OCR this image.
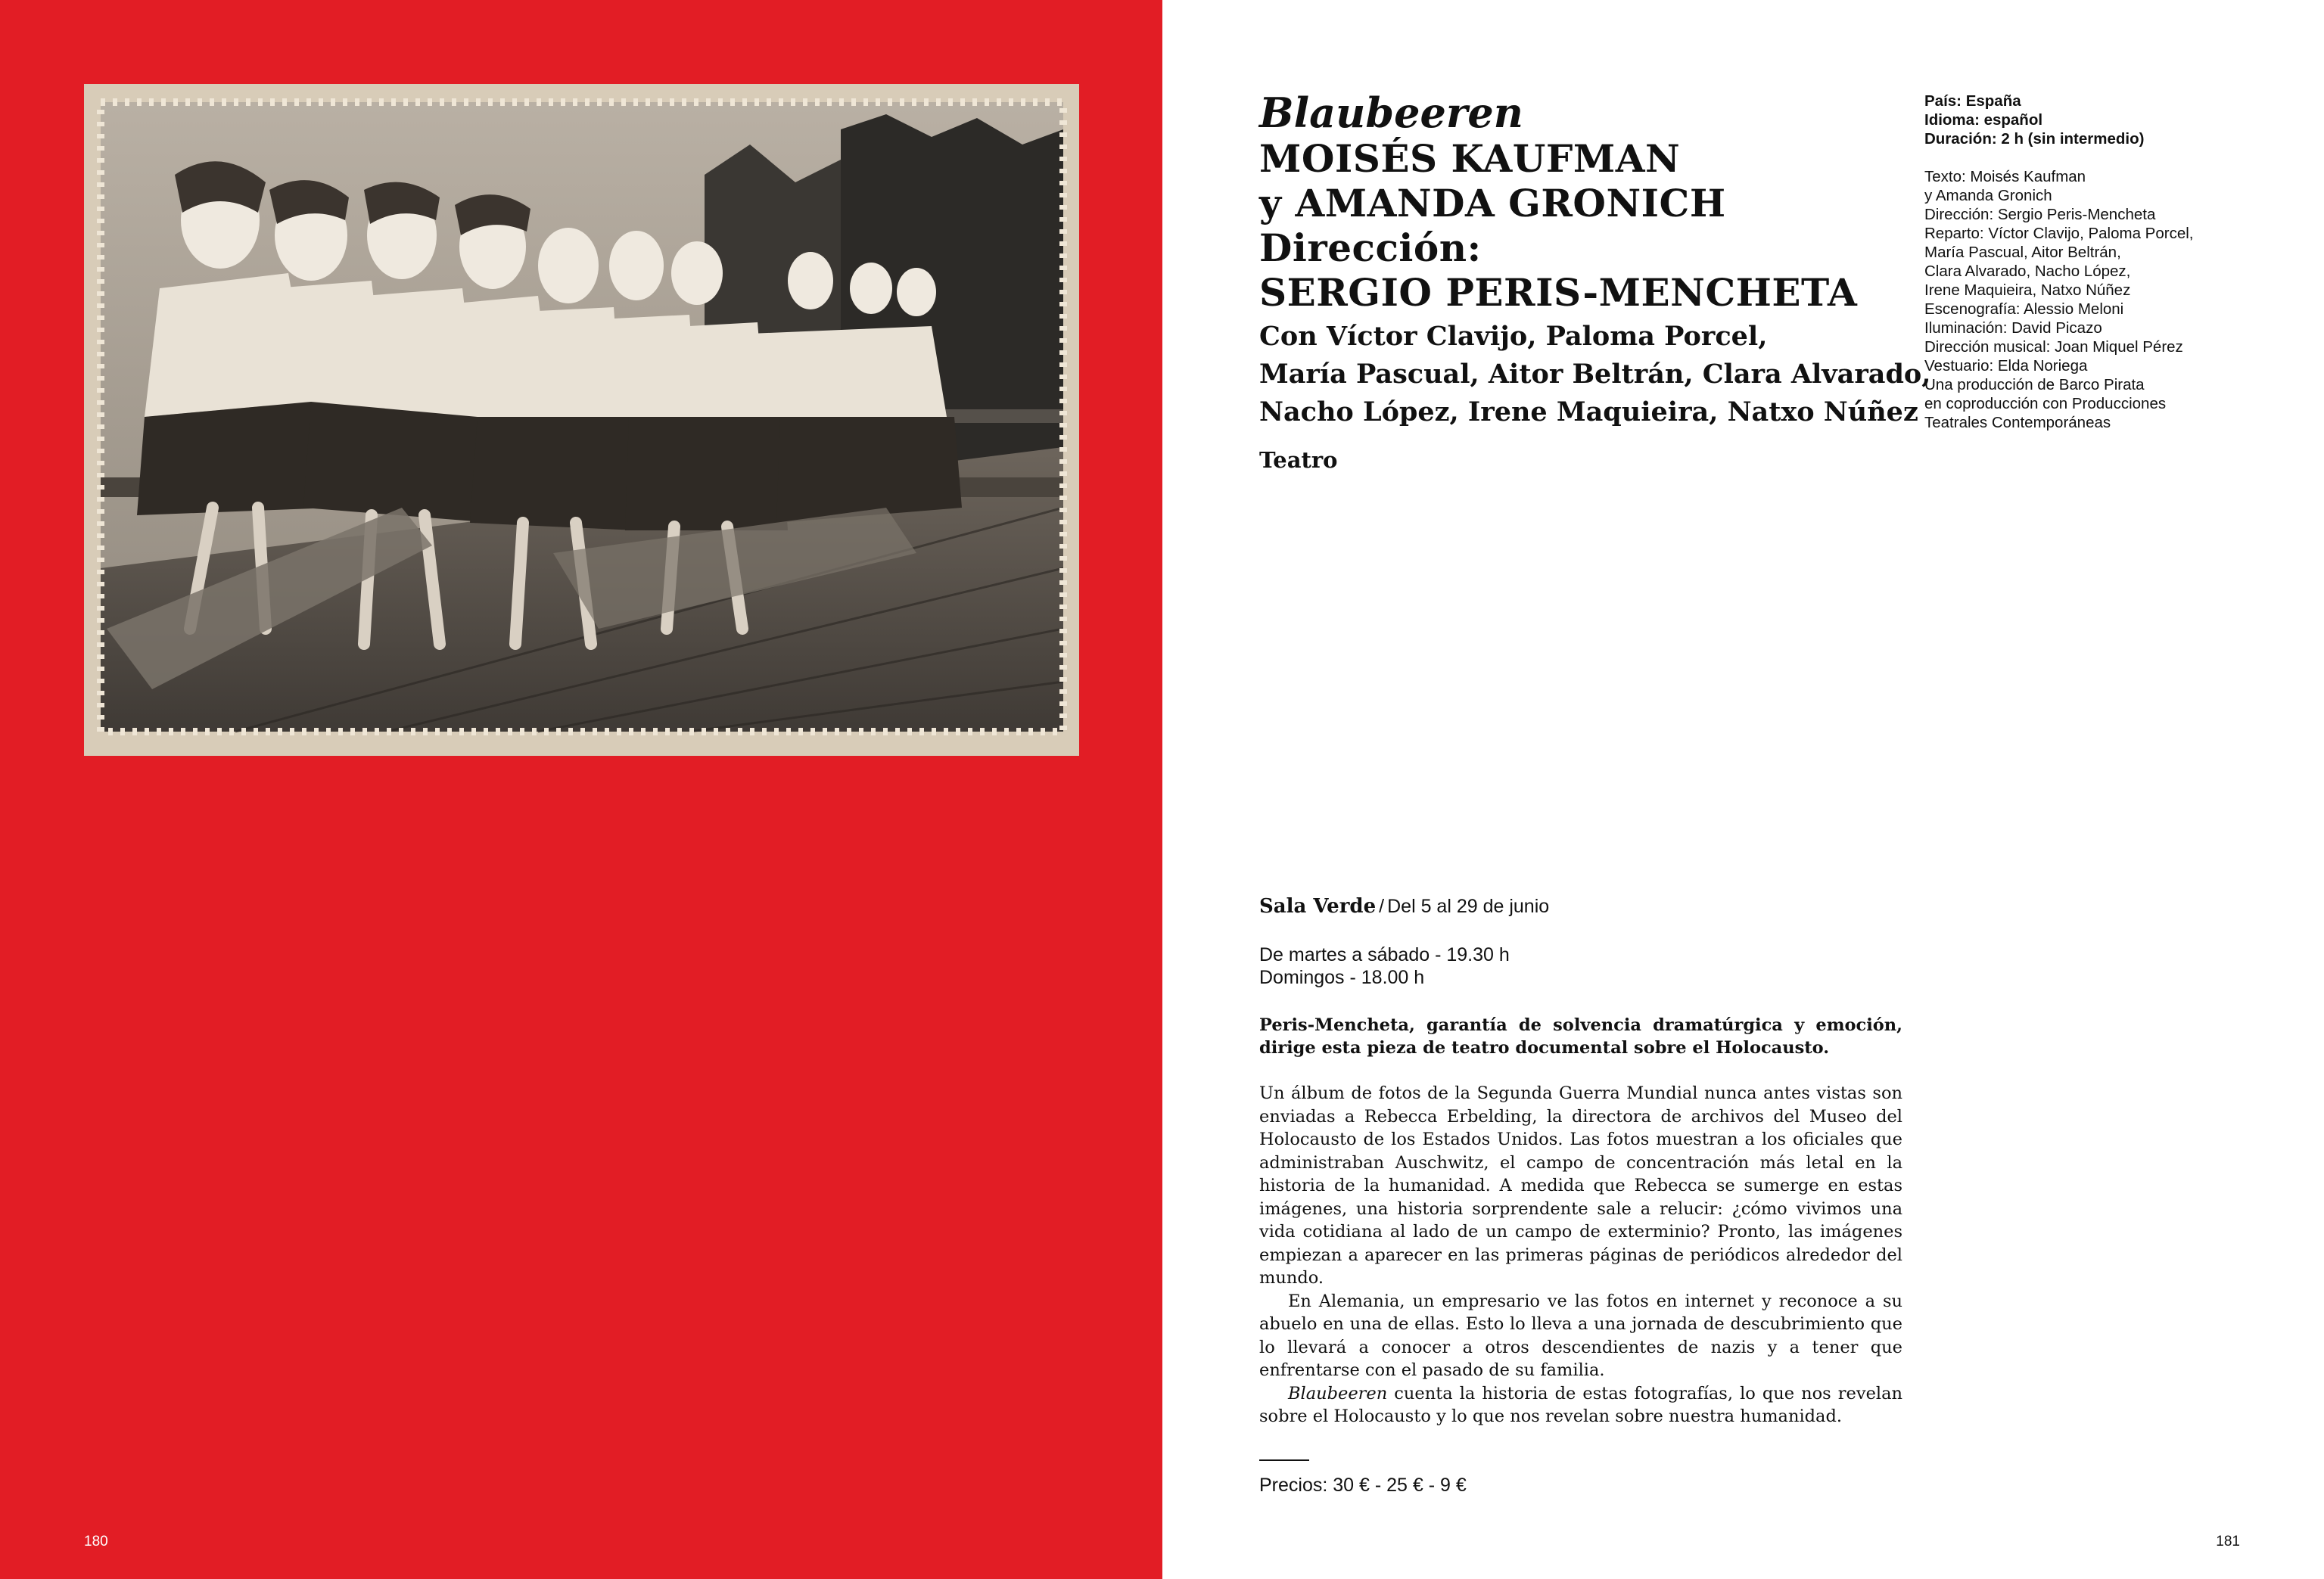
180
Blaubeeren
MOISÉS KAUFMAN
y AMANDA GRONICH
Dirección:
SERGIO PERIS-MENCHETA
Con Víctor Clavijo, Paloma Porcel,
María Pascual, Aitor Beltrán, Clara Alvarado,
Nacho López, Irene Maquieira, Natxo Núñez
Teatro
País: España
Idioma: español
Duración: 2 h (sin intermedio)
Texto: Moisés Kaufman
y Amanda Gronich
Dirección: Sergio Peris-Mencheta
Reparto: Víctor Clavijo, Paloma Porcel,
María Pascual, Aitor Beltrán,
Clara Alvarado, Nacho López,
Irene Maquieira, Natxo Núñez
Escenografía: Alessio Meloni
Iluminación: David Picazo
Dirección musical: Joan Miquel Pérez
Vestuario: Elda Noriega
Una producción de Barco Pirata
en coproducción con Producciones
Teatrales Contemporáneas
Sala Verde / Del 5 al 29 de junio
De martes a sábado - 19.30 h
Domingos - 18.00 h
Peris-Mencheta, garantía de solvencia dramatúrgica y emoción, dirige esta pieza de teatro documental sobre el Holocausto.

Un álbum de fotos de la Segunda Guerra Mundial nunca antes vistas son enviadas a Rebecca Erbelding, la directora de archivos del Museo del Holocausto de los Estados Unidos. Las fotos muestran a los oficiales que administraban Auschwitz, el campo de concentración más letal en la historia de la humanidad. A medida que Rebecca se sumerge en estas imágenes, una historia sorprendente sale a relucir: ¿cómo vivimos una vida cotidiana al lado de un campo de exterminio? Pronto, las imágenes empiezan a aparecer en las primeras páginas de periódicos alrededor del mundo.

En Alemania, un empresario ve las fotos en internet y reconoce a su abuelo en una de ellas. Esto lo lleva a una jornada de descubrimiento que lo llevará a conocer a otros descendientes de nazis y a tener que enfrentarse con el pasado de su familia.

Blaubeeren cuenta la historia de estas fotografías, lo que nos revelan sobre el Holocausto y lo que nos revelan sobre nuestra humanidad.

Precios: 30 € - 25 € - 9 €
181
